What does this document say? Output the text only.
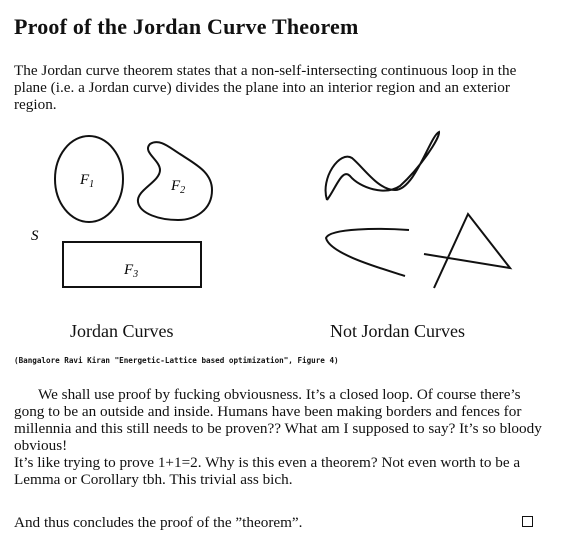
Proof of the Jordan Curve Theorem
The Jordan curve theorem states that a non-self-intersecting continuous loop in the plane (i.e. a Jordan curve) divides the plane into an interior region and an exterior region.
$F_1$	$F_2$
S
$F_3$
Jordan Curves	Not Jordan Curves
(Bangalore Ravi Kiran "Energetic-Lattice based optimization", Figure 4)

We shall use proof by fucking obviousness. It’s a closed loop. Of course there’s gong to be an outside and inside. Humans have been making borders and fences for millennia and this still needs to be proven?? What am I supposed to say? It’s so bloody obvious!

It’s like trying to prove 1+1=2. Why is this even a theorem? Not even worth to be a Lemma or Corollary tbh. This trivial ass bich.

And thus concludes the proof of the ”theorem”.
